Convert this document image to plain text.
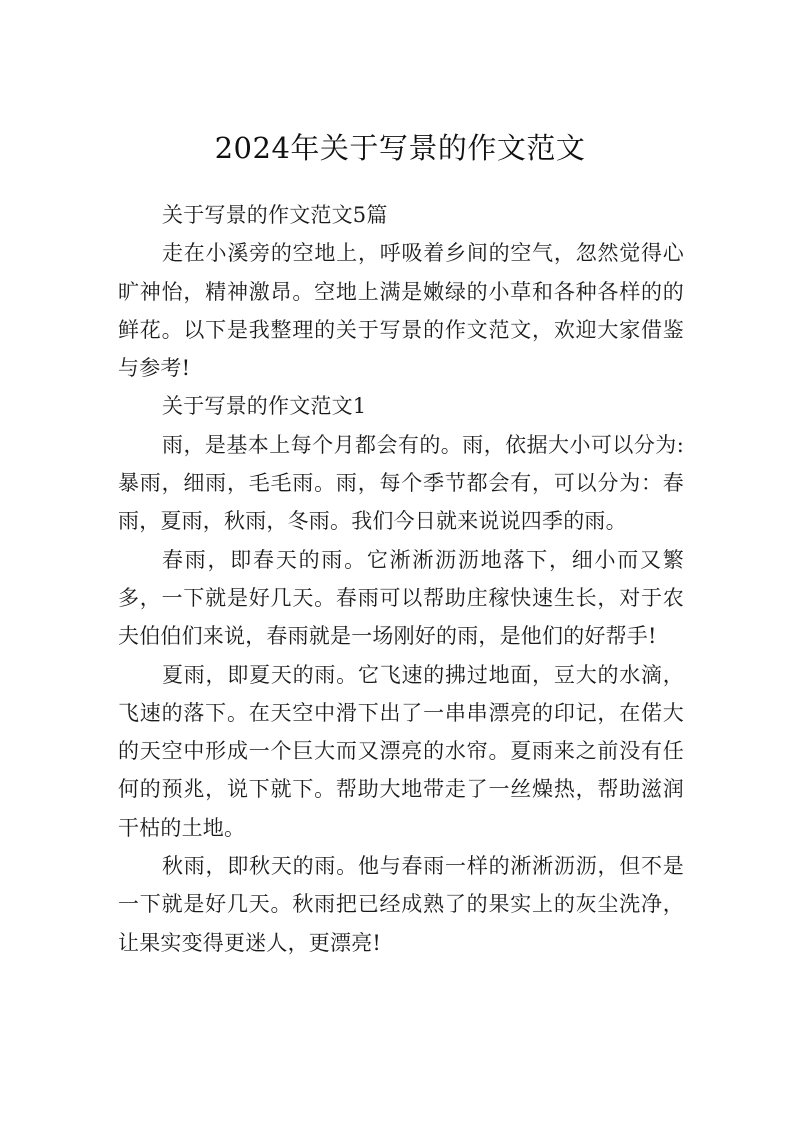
2024年关于写景的作文范文

关于写景的作文范文5篇

走在小溪旁的空地上，呼吸着乡间的空气，忽然觉得心旷神怡，精神激昂。空地上满是嫩绿的小草和各种各样的的鲜花。以下是我整理的关于写景的作文范文，欢迎大家借鉴与参考!

关于写景的作文范文1

雨，是基本上每个月都会有的。雨，依据大小可以分为:暴雨，细雨，毛毛雨。雨，每个季节都会有，可以分为：春雨，夏雨，秋雨，冬雨。我们今日就来说说四季的雨。

春雨，即春天的雨。它淅淅沥沥地落下，细小而又繁多，一下就是好几天。春雨可以帮助庄稼快速生长，对于农夫伯伯们来说，春雨就是一场刚好的雨，是他们的好帮手!

夏雨，即夏天的雨。它飞速的拂过地面，豆大的水滴，飞速的落下。在天空中滑下出了一串串漂亮的印记，在偌大的天空中形成一个巨大而又漂亮的水帘。夏雨来之前没有任何的预兆，说下就下。帮助大地带走了一丝燥热，帮助滋润干枯的土地。

秋雨，即秋天的雨。他与春雨一样的淅淅沥沥，但不是一下就是好几天。秋雨把已经成熟了的果实上的灰尘洗净，让果实变得更迷人，更漂亮!
